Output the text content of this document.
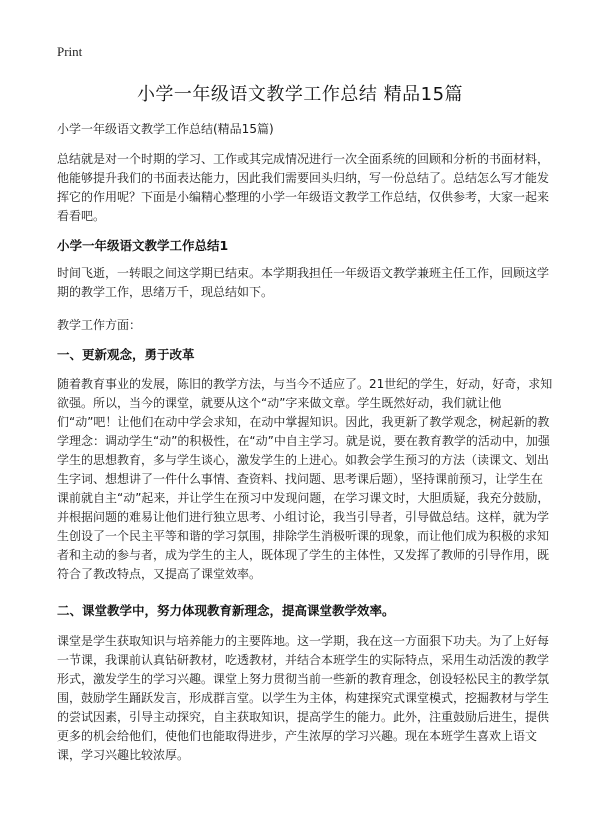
Print
小学一年级语文教学工作总结 精品15篇

小学一年级语文教学工作总结(精品15篇)

总结就是对一个时期的学习、工作或其完成情况进行一次全面系统的回顾和分析的书面材料，他能够提升我们的书面表达能力，因此我们需要回头归纳，写一份总结了。总结怎么写才能发挥它的作用呢？下面是小编精心整理的小学一年级语文教学工作总结，仅供参考，大家一起来看看吧。

小学一年级语文教学工作总结1

时间飞逝，一转眼之间这学期已结束。本学期我担任一年级语文教学兼班主任工作，回顾这学期的教学工作，思绪万千，现总结如下。

教学工作方面：

一、更新观念，勇于改革

随着教育事业的发展，陈旧的教学方法，与当今不适应了。21世纪的学生，好动，好奇，求知欲强。所以，当今的课堂，就要从这个“动”字来做文章。学生既然好动，我们就让他们“动”吧！让他们在动中学会求知，在动中掌握知识。因此，我更新了教学观念，树起新的教学理念：调动学生“动”的积极性，在“动”中自主学习。就是说，要在教育教学的活动中，加强学生的思想教育，多与学生谈心，激发学生的上进心。如教会学生预习的方法（读课文、划出生字词、想想讲了一件什么事情、查资料、找问题、思考课后题），坚持课前预习，让学生在课前就自主“动”起来，并让学生在预习中发现问题，在学习课文时，大胆质疑，我充分鼓励，并根据问题的难易让他们进行独立思考、小组讨论，我当引导者，引导做总结。这样，就为学生创设了一个民主平等和谐的学习氛围，排除学生消极听课的现象，而让他们成为积极的求知者和主动的参与者，成为学生的主人，既体现了学生的主体性，又发挥了教师的引导作用，既符合了教改特点，又提高了课堂效率。

二、课堂教学中，努力体现教育新理念，提高课堂教学效率。

课堂是学生获取知识与培养能力的主要阵地。这一学期，我在这一方面狠下功夫。为了上好每一节课，我课前认真钻研教材，吃透教材，并结合本班学生的实际特点，采用生动活泼的教学形式，激发学生的学习兴趣。课堂上努力贯彻当前一些新的教育理念，创设轻松民主的教学氛围，鼓励学生踊跃发言，形成群言堂。以学生为主体，构建探究式课堂模式，挖掘教材与学生的尝试因素，引导主动探究，自主获取知识，提高学生的能力。此外，注重鼓励后进生，提供更多的机会给他们，使他们也能取得进步，产生浓厚的学习兴趣。现在本班学生喜欢上语文课，学习兴趣比较浓厚。
